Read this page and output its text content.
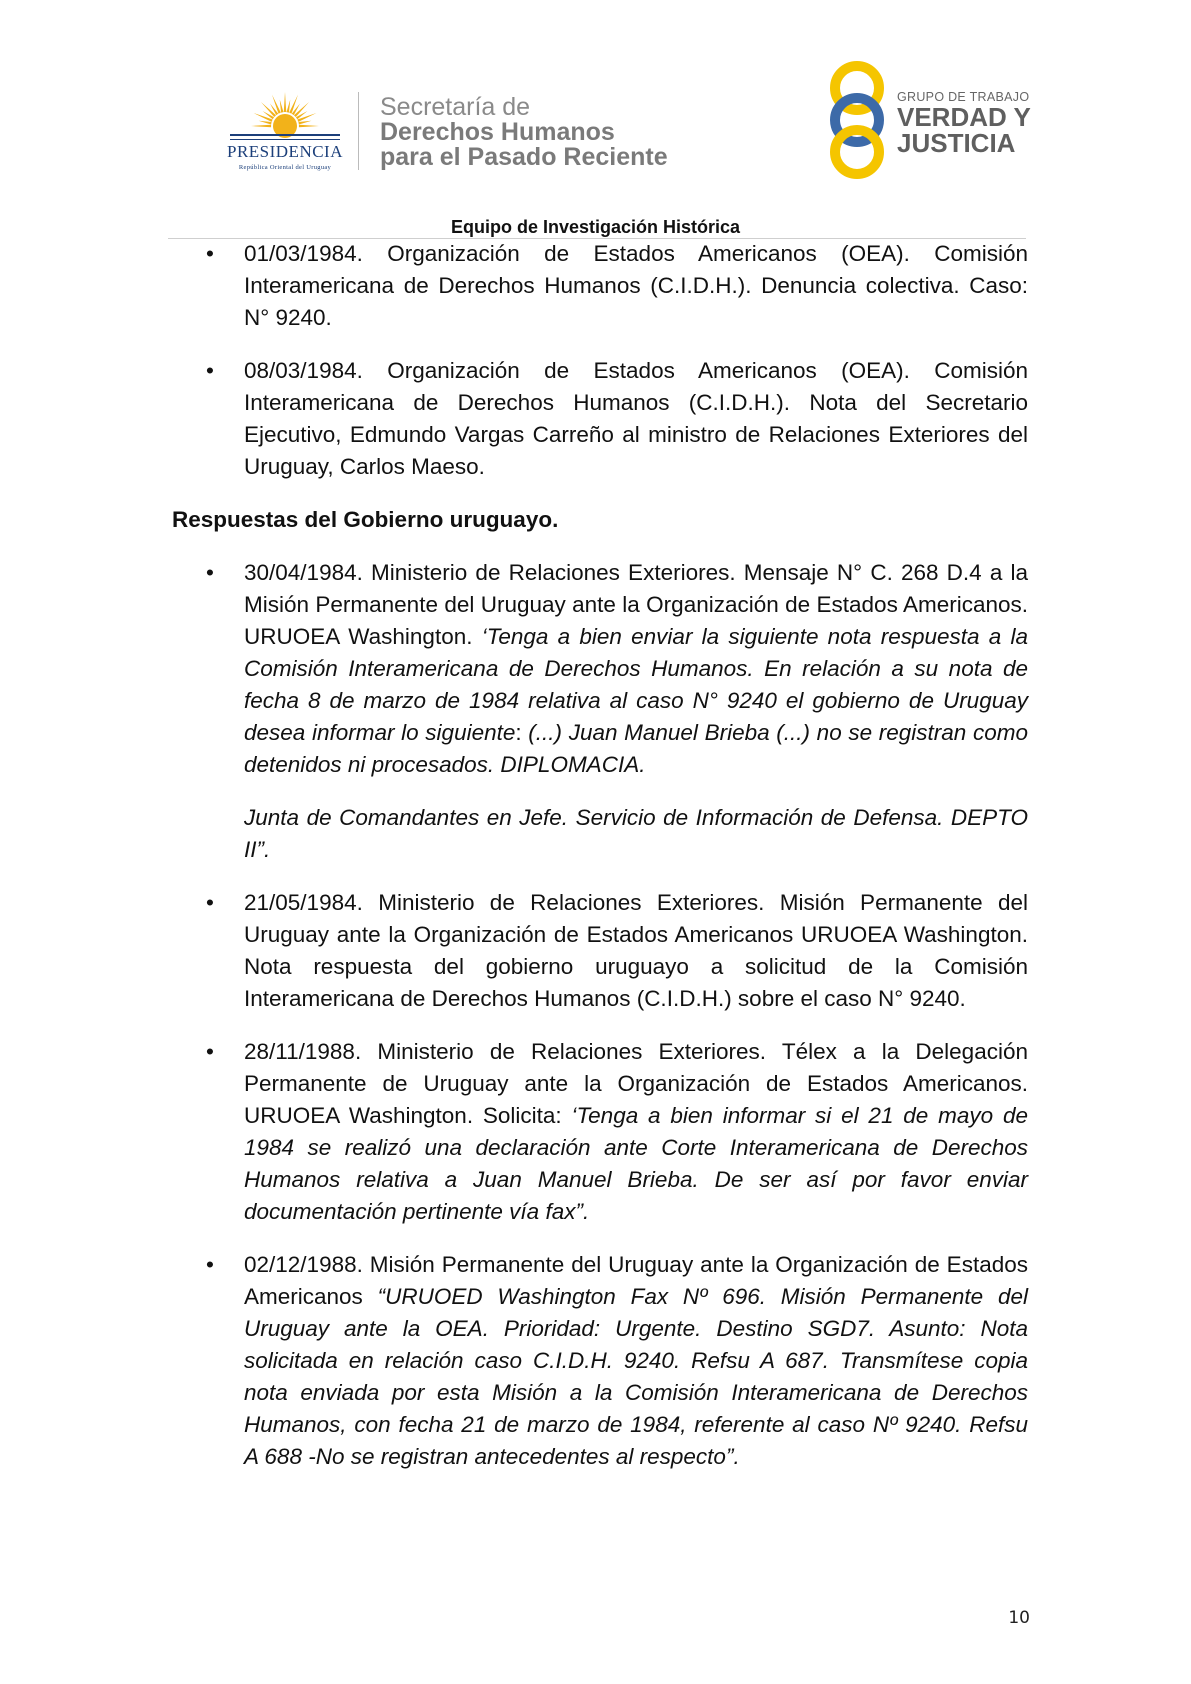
PRESIDENCIA
República Oriental del Uruguay
Secretaría de
Derechos Humanos
para el Pasado Reciente
GRUPO DE TRABAJO
VERDAD Y
JUSTICIA
Equipo de Investigación Histórica
• 01/03/1984. Organización de Estados Americanos (OEA). Comisión Interamericana de Derechos Humanos (C.I.D.H.). Denuncia colectiva. Caso: N° 9240.
• 08/03/1984. Organización de Estados Americanos (OEA). Comisión Interamericana de Derechos Humanos (C.I.D.H.). Nota del Secretario Ejecutivo, Edmundo Vargas Carreño al ministro de Relaciones Exteriores del Uruguay, Carlos Maeso.
Respuestas del Gobierno uruguayo.
• 30/04/1984. Ministerio de Relaciones Exteriores. Mensaje N° C. 268 D.4 a la Misión Permanente del Uruguay ante la Organización de Estados Americanos. URUOEA Washington. ‘Tenga a bien enviar la siguiente nota respuesta a la Comisión Interamericana de Derechos Humanos. En relación a su nota de fecha 8 de marzo de 1984 relativa al caso N° 9240 el gobierno de Uruguay desea informar lo siguiente: (...) Juan Manuel Brieba (...) no se registran como detenidos ni procesados. DIPLOMACIA.
Junta de Comandantes en Jefe. Servicio de Información de Defensa. DEPTO II”.
• 21/05/1984. Ministerio de Relaciones Exteriores. Misión Permanente del Uruguay ante la Organización de Estados Americanos URUOEA Washington. Nota respuesta del gobierno uruguayo a solicitud de la Comisión Interamericana de Derechos Humanos (C.I.D.H.) sobre el caso N° 9240.
• 28/11/1988. Ministerio de Relaciones Exteriores. Télex a la Delegación Permanente de Uruguay ante la Organización de Estados Americanos. URUOEA Washington. Solicita: ‘Tenga a bien informar si el 21 de mayo de 1984 se realizó una declaración ante Corte Interamericana de Derechos Humanos relativa a Juan Manuel Brieba. De ser así por favor enviar documentación pertinente vía fax”.
• 02/12/1988. Misión Permanente del Uruguay ante la Organización de Estados Americanos “URUOED Washington Fax Nº 696. Misión Permanente del Uruguay ante la OEA. Prioridad: Urgente. Destino SGD7. Asunto: Nota solicitada en relación caso C.I.D.H. 9240. Refsu A 687. Transmítese copia nota enviada por esta Misión a la Comisión Interamericana de Derechos Humanos, con fecha 21 de marzo de 1984, referente al caso Nº 9240. Refsu A 688 -No se registran antecedentes al respecto”.
10
